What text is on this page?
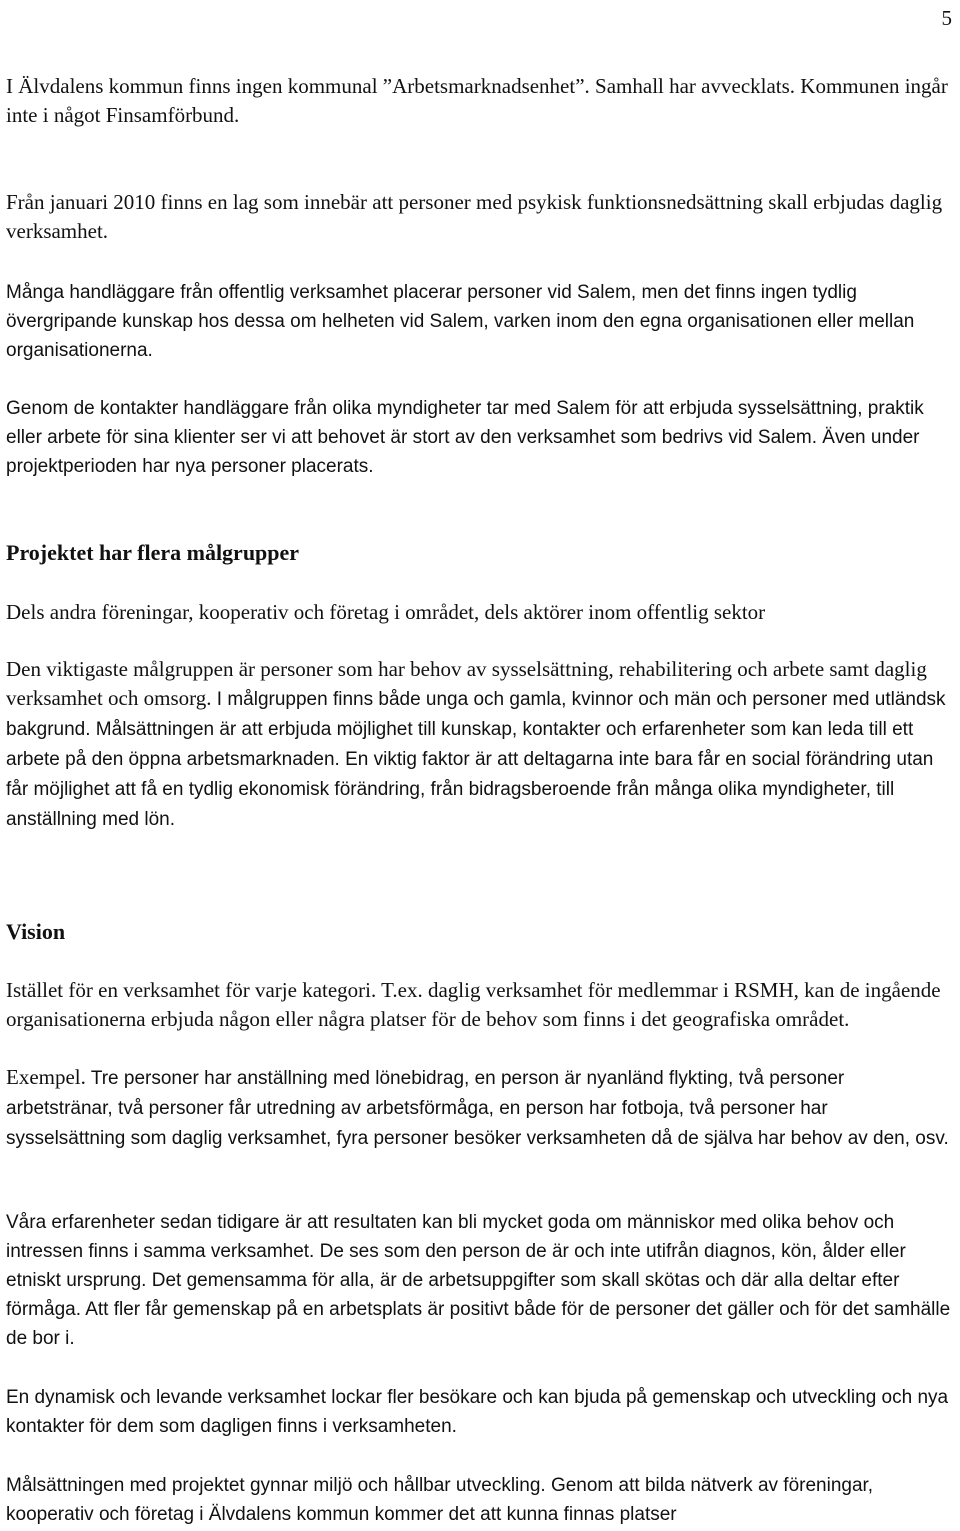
5

I Älvdalens kommun finns ingen kommunal ”Arbetsmarknadsenhet”. Samhall har avvecklats. Kommunen ingår inte i något Finsamförbund.

Från januari 2010 finns en lag som innebär att personer med psykisk funktionsnedsättning skall erbjudas daglig verksamhet.

Många handläggare från offentlig verksamhet placerar personer vid Salem, men det finns ingen tydlig övergripande kunskap hos dessa om helheten vid Salem, varken inom den egna organisationen eller mellan organisationerna.

Genom de kontakter handläggare från olika myndigheter tar med Salem för att erbjuda sysselsättning, praktik eller arbete för sina klienter ser vi att behovet är stort av den verksamhet som bedrivs vid Salem. Även under projektperioden har nya personer placerats.

Projektet har flera målgrupper

Dels andra föreningar, kooperativ och företag i området, dels aktörer inom offentlig sektor

Den viktigaste målgruppen är personer som har behov av sysselsättning, rehabilitering och arbete samt daglig verksamhet och omsorg. I målgruppen finns både unga och gamla, kvinnor och män och personer med utländsk bakgrund. Målsättningen är att erbjuda möjlighet till kunskap, kontakter och erfarenheter som kan leda till ett arbete på den öppna arbetsmarknaden. En viktig faktor är att deltagarna inte bara får en social förändring utan får möjlighet att få en tydlig ekonomisk förändring, från bidragsberoende från många olika myndigheter, till anställning med lön.

Vision

Istället för en verksamhet för varje kategori. T.ex. daglig verksamhet för medlemmar i RSMH, kan de ingående organisationerna erbjuda någon eller några platser för de behov som finns i det geografiska området.

Exempel. Tre personer har anställning med lönebidrag, en person är nyanländ flykting, två personer arbetstränar, två personer får utredning av arbetsförmåga, en person har fotboja, två personer har sysselsättning som daglig verksamhet, fyra personer besöker verksamheten då de själva har behov av den, osv.

Våra erfarenheter sedan tidigare är att resultaten kan bli mycket goda om människor med olika behov och intressen finns i samma verksamhet. De ses som den person de är och inte utifrån diagnos, kön, ålder eller etniskt ursprung. Det gemensamma för alla, är de arbetsuppgifter som skall skötas och där alla deltar efter förmåga. Att fler får gemenskap på en arbetsplats är positivt både för de personer det gäller och för det samhälle de bor i.

En dynamisk och levande verksamhet lockar fler besökare och kan bjuda på gemenskap och utveckling och nya kontakter för dem som dagligen finns i verksamheten.

Målsättningen med projektet gynnar miljö och hållbar utveckling. Genom att bilda nätverk av föreningar, kooperativ och företag i Älvdalens kommun kommer det att kunna finnas platser
